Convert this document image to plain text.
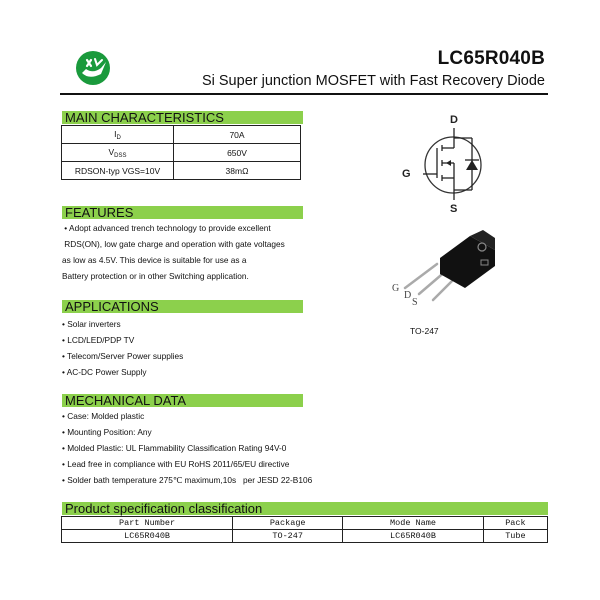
LC65R040B
Si Super junction MOSFET with Fast Recovery Diode
MAIN CHARACTERISTICS
$I_D$	70A
$V_{DSS}$	650V
RDSON-typ VGS=10V	38mΩ
D
G
S
FEATURES
• Adopt advanced trench technology to provide excellent
RDS(ON), low gate charge and operation with gate voltages
as low as 4.5V. This device is suitable for use as a
Battery protection or in other Switching application.
G
D
S
TO-247
APPLICATIONS
• Solar inverters
• LCD/LED/PDP TV
• Telecom/Server Power supplies
• AC-DC Power Supply
MECHANICAL DATA
• Case: Molded plastic
• Mounting Position: Any
• Molded Plastic: UL Flammability Classification Rating 94V-0
• Lead free in compliance with EU RoHS 2011/65/EU directive
• Solder bath temperature 275℃ maximum,10s   per JESD 22-B106
Product specification classification
Part Number	Package	Mode Name	Pack
LC65R040B	TO-247	LC65R040B	Tube
